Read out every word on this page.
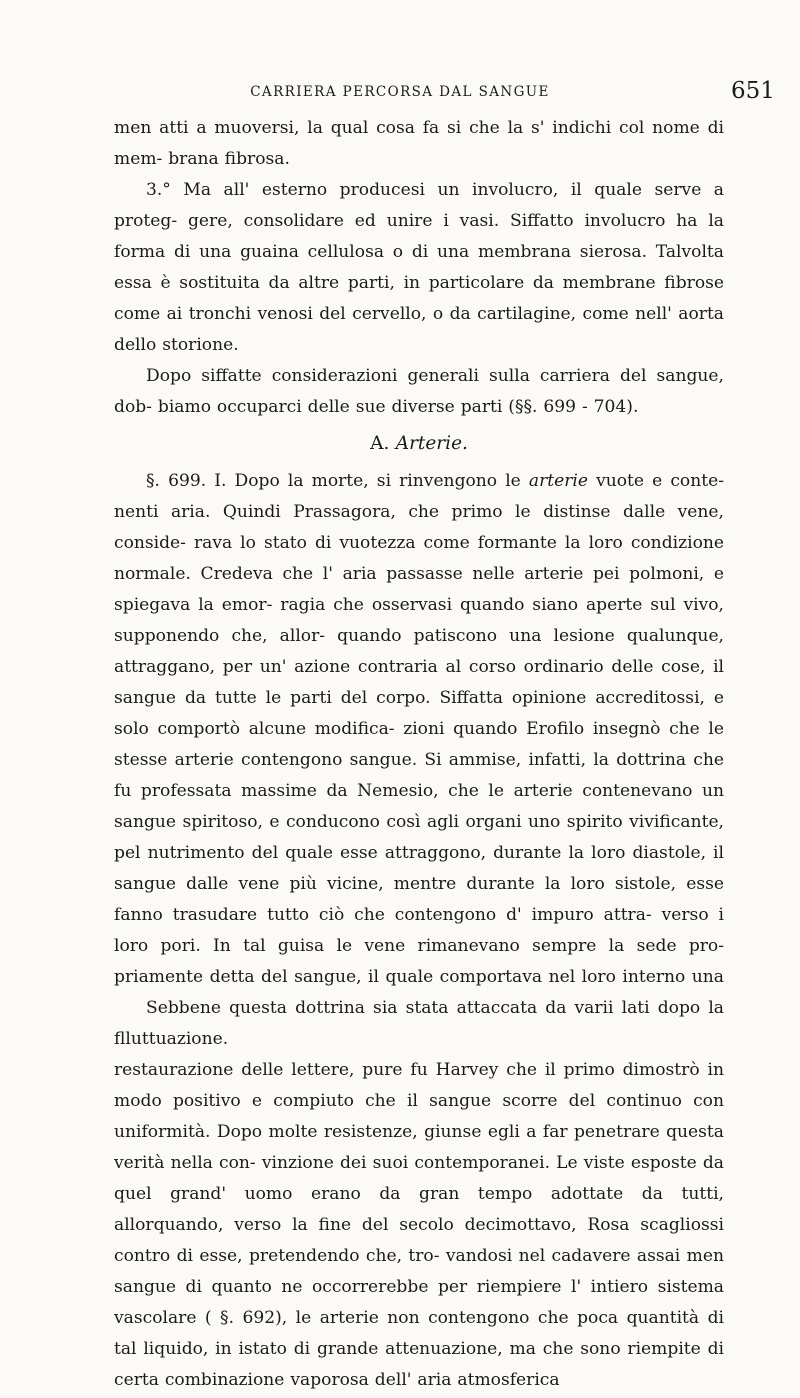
CARRIERA PERCORSA DAL SANGUE	651

men atti a muoversi, la qual cosa fa si che la s' indichi col nome di mem- brana fibrosa.

3.° Ma all' esterno producesi un involucro, il quale serve a proteg- gere, consolidare ed unire i vasi. Siffatto involucro ha la forma di una guaina cellulosa o di una membrana sierosa. Talvolta essa è sostituita da altre parti, in particolare da membrane fibrose come ai tronchi venosi del cervello, o da cartilagine, come nell' aorta dello storione.

Dopo siffatte considerazioni generali sulla carriera del sangue, dob- biamo occuparci delle sue diverse parti (§§. 699 - 704).

A. Arterie.

§. 699. I. Dopo la morte, si rinvengono le arterie vuote e conte- nenti aria. Quindi Prassagora, che primo le distinse dalle vene, conside- rava lo stato di vuotezza come formante la loro condizione normale. Credeva che l' aria passasse nelle arterie pei polmoni, e spiegava la emor- ragia che osservasi quando siano aperte sul vivo, supponendo che, allor- quando patiscono una lesione qualunque, attraggano, per un' azione contraria al corso ordinario delle cose, il sangue da tutte le parti del corpo. Siffatta opinione accreditossi, e solo comportò alcune modifica- zioni quando Erofilo insegnò che le stesse arterie contengono sangue. Si ammise, infatti, la dottrina che fu professata massime da Nemesio, che le arterie contenevano un sangue spiritoso, e conducono così agli organi uno spirito vivificante, pel nutrimento del quale esse attraggono, durante la loro diastole, il sangue dalle vene più vicine, mentre durante la loro sistole, esse fanno trasudare tutto ciò che contengono d' impuro attra- verso i loro pori. In tal guisa le vene rimanevano sempre la sede pro- priamente detta del sangue, il quale comportava nel loro interno una

Sebbene questa dottrina sia stata attaccata da varii lati dopo la flluttuazione.

restaurazione delle lettere, pure fu Harvey che il primo dimostrò in modo positivo e compiuto che il sangue scorre del continuo con uniformità. Dopo molte resistenze, giunse egli a far penetrare questa verità nella con- vinzione dei suoi contemporanei. Le viste esposte da quel grand' uomo erano da gran tempo adottate da tutti, allorquando, verso la fine del secolo decimottavo, Rosa scagliossi contro di esse, pretendendo che, tro- vandosi nel cadavere assai men sangue di quanto ne occorrerebbe per riempiere l' intiero sistema vascolare ( §. 692), le arterie non contengono che poca quantità di tal liquido, in istato di grande attenuazione, ma che sono riempite di certa combinazione vaporosa dell' aria atmosferica
